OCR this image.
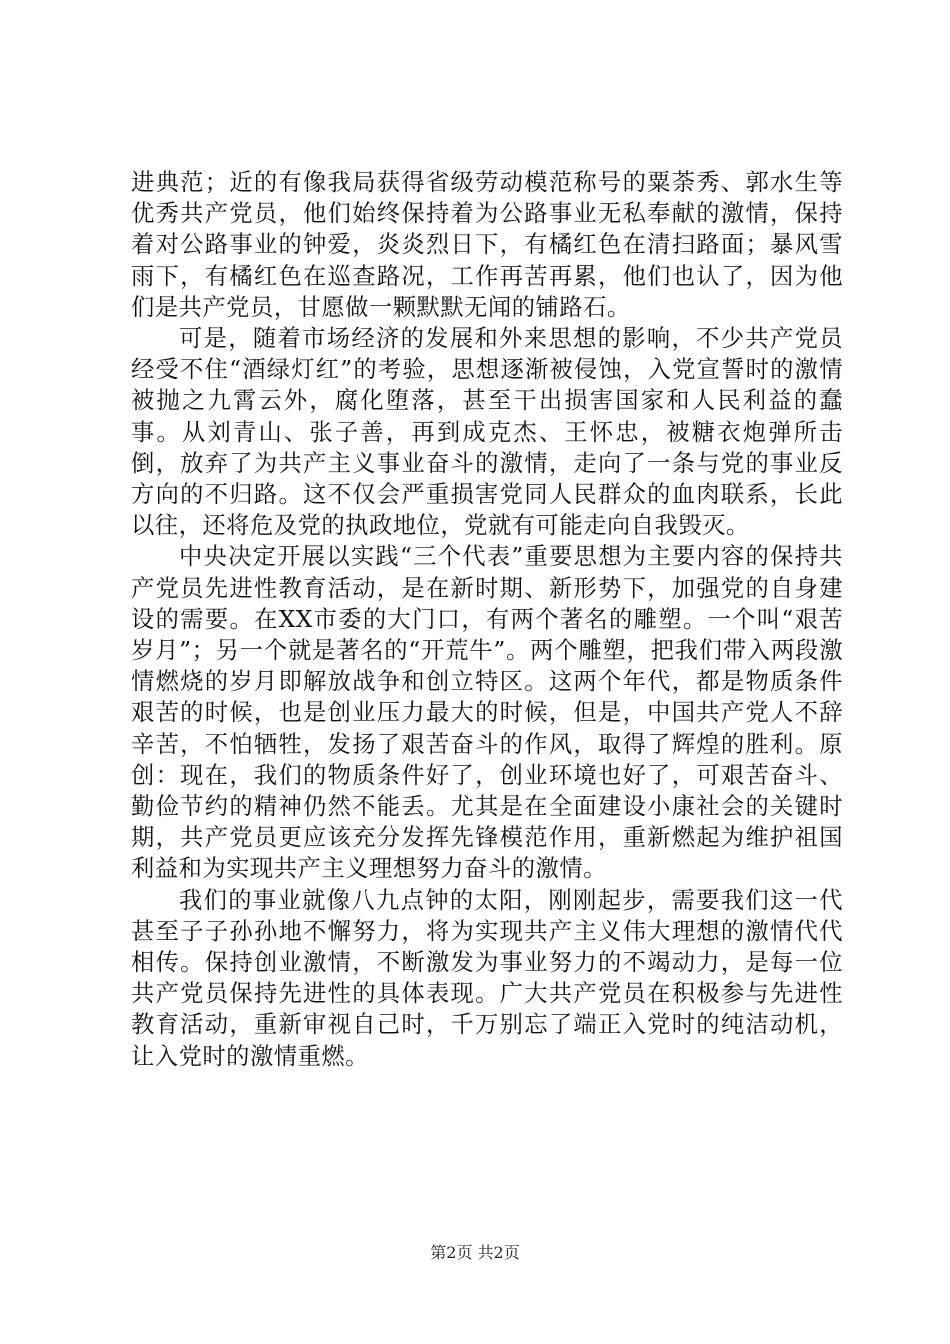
进典范；近的有像我局获得省级劳动模范称号的粟荼秀、郭水生等优秀共产党员，他们始终保持着为公路事业无私奉献的激情，保持着对公路事业的钟爱，炎炎烈日下，有橘红色在清扫路面；暴风雪雨下，有橘红色在巡查路况，工作再苦再累，他们也认了，因为他们是共产党员，甘愿做一颗默默无闻的铺路石。

可是，随着市场经济的发展和外来思想的影响，不少共产党员经受不住“酒绿灯红”的考验，思想逐渐被侵蚀，入党宣誓时的激情被抛之九霄云外，腐化堕落，甚至干出损害国家和人民利益的蠢事。从刘青山、张子善，再到成克杰、王怀忠，被糖衣炮弹所击倒，放弃了为共产主义事业奋斗的激情，走向了一条与党的事业反方向的不归路。这不仅会严重损害党同人民群众的血肉联系，长此以往，还将危及党的执政地位，党就有可能走向自我毁灭。

中央决定开展以实践“三个代表”重要思想为主要内容的保持共产党员先进性教育活动，是在新时期、新形势下，加强党的自身建设的需要。在XX市委的大门口，有两个著名的雕塑。一个叫“艰苦岁月”；另一个就是著名的“开荒牛”。两个雕塑，把我们带入两段激情燃烧的岁月即解放战争和创立特区。这两个年代，都是物质条件艰苦的时候，也是创业压力最大的时候，但是，中国共产党人不辞辛苦，不怕牺牲，发扬了艰苦奋斗的作风，取得了辉煌的胜利。原创：现在，我们的物质条件好了，创业环境也好了，可艰苦奋斗、勤俭节约的精神仍然不能丢。尤其是在全面建设小康社会的关键时期，共产党员更应该充分发挥先锋模范作用，重新燃起为维护祖国利益和为实现共产主义理想努力奋斗的激情。

我们的事业就像八九点钟的太阳，刚刚起步，需要我们这一代甚至子子孙孙地不懈努力，将为实现共产主义伟大理想的激情代代相传。保持创业激情，不断激发为事业努力的不竭动力，是每一位共产党员保持先进性的具体表现。广大共产党员在积极参与先进性教育活动，重新审视自己时，千万别忘了端正入党时的纯洁动机，让入党时的激情重燃。

第2页 共2页
